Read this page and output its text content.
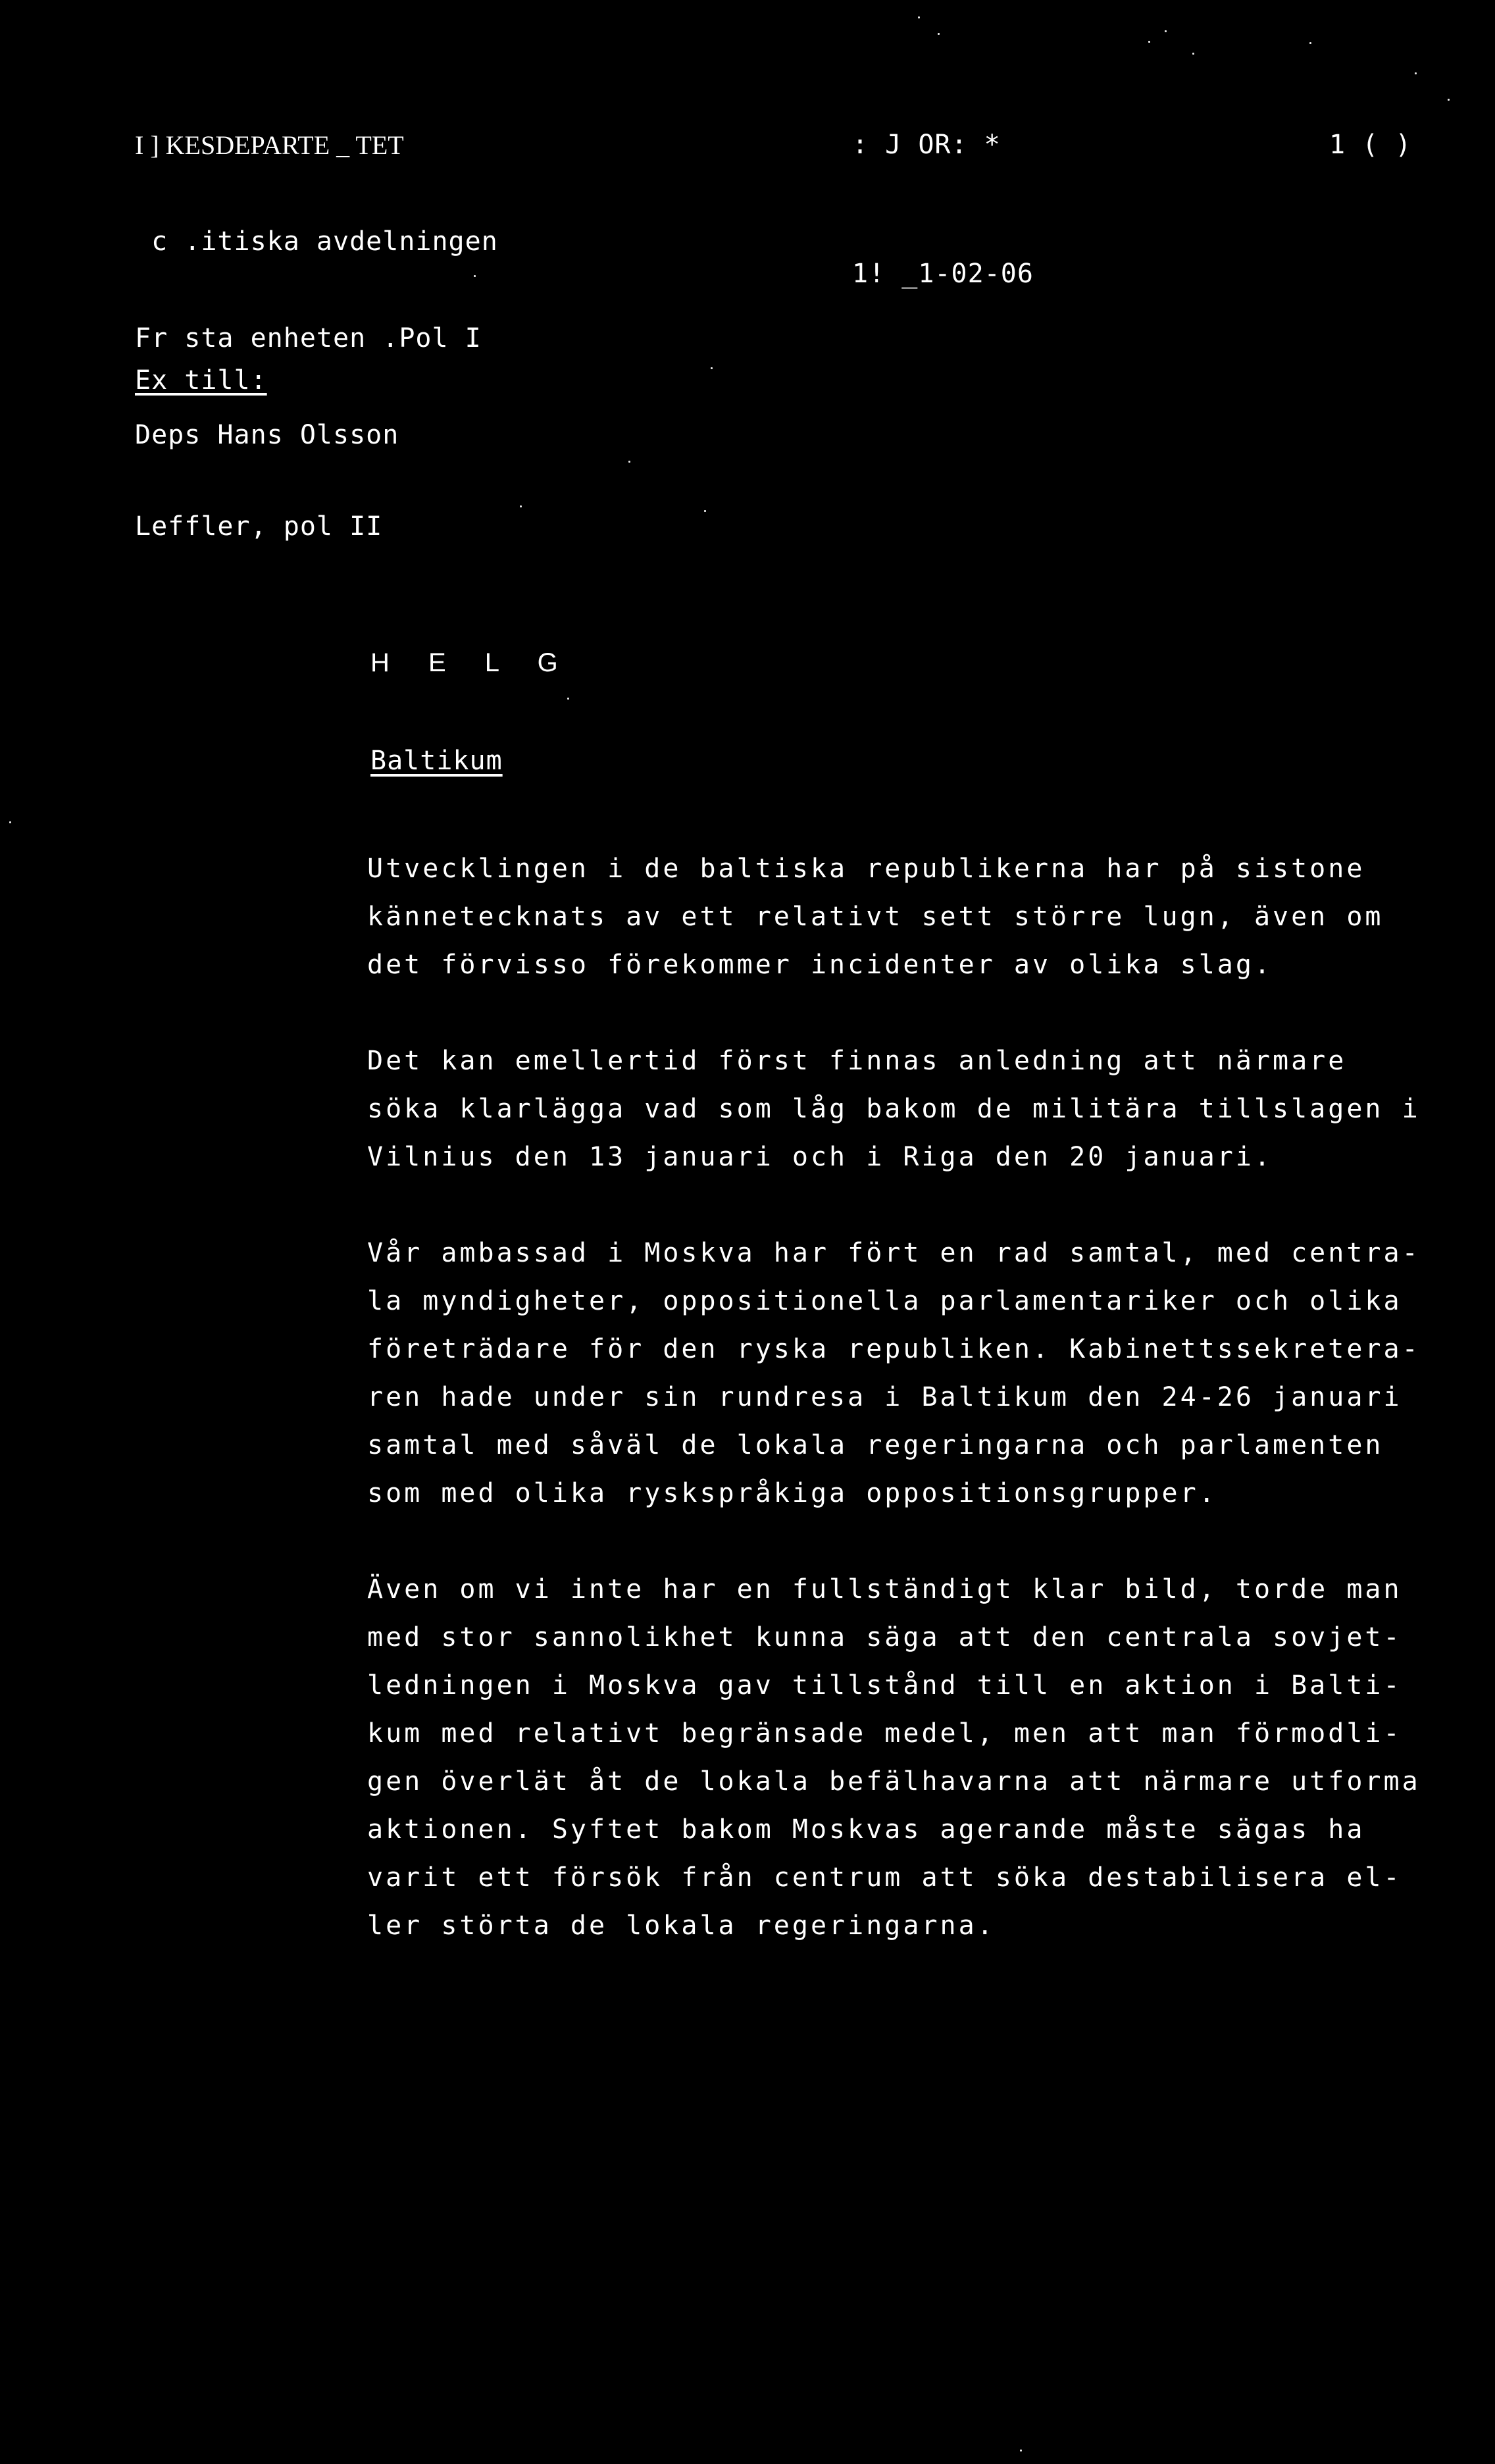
I ] KESDEPARTE _ TET

c .itiska avdelningen

Fr sta enheten .Pol I

Deps Hans Olsson

: J OR: *

1! _1-02-06

1 ( )

Ex till:

Leffler, pol II

H E L G
Baltikum
Utvecklingen i de baltiska republikerna har på sistone
kännetecknats av ett relativt sett större lugn, även om
det förvisso förekommer incidenter av olika slag.
Det kan emellertid först finnas anledning att närmare
söka klarlägga vad som låg bakom de militära tillslagen i
Vilnius den 13 januari och i Riga den 20 januari.
Vår ambassad i Moskva har fört en rad samtal, med centra-
la myndigheter, oppositionella parlamentariker och olika
företrädare för den ryska republiken. Kabinettssekretera-
ren hade under sin rundresa i Baltikum den 24-26 januari
samtal med såväl de lokala regeringarna och parlamenten
som med olika ryskspråkiga oppositionsgrupper.
Även om vi inte har en fullständigt klar bild, torde man
med stor sannolikhet kunna säga att den centrala sovjet-
ledningen i Moskva gav tillstånd till en aktion i Balti-
kum med relativt begränsade medel, men att man förmodli-
gen överlät åt de lokala befälhavarna att närmare utforma
aktionen. Syftet bakom Moskvas agerande måste sägas ha
varit ett försök från centrum att söka destabilisera el-
ler störta de lokala regeringarna.
